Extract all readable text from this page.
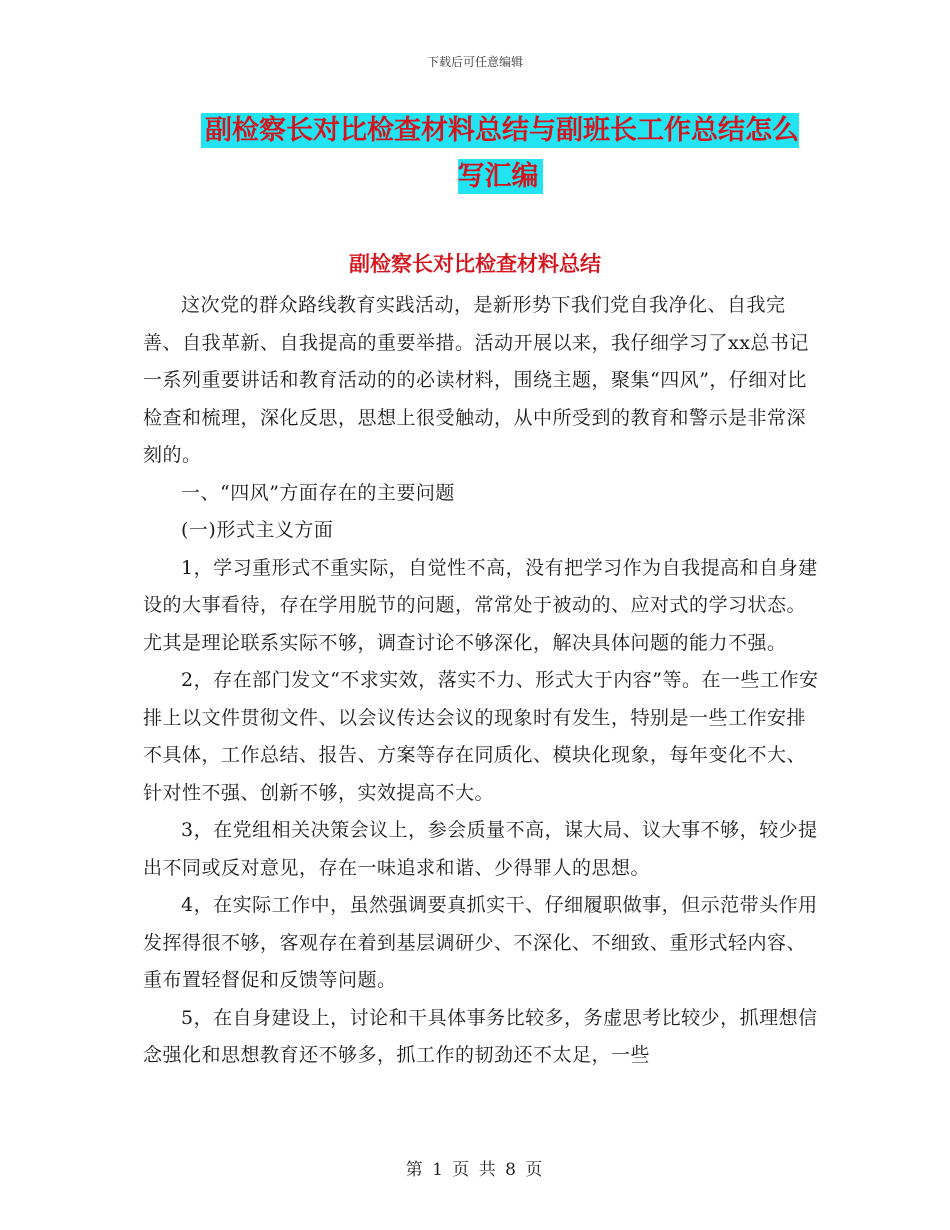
下载后可任意编辑
副检察长对比检查材料总结与副班长工作总结怎么写汇编
副检察长对比检查材料总结

这次党的群众路线教育实践活动，是新形势下我们党自我净化、自我完善、自我革新、自我提高的重要举措。活动开展以来，我仔细学习了xx总书记一系列重要讲话和教育活动的的必读材料，围绕主题，聚集“四风”，仔细对比检查和梳理，深化反思，思想上很受触动，从中所受到的教育和警示是非常深刻的。

一、“四风”方面存在的主要问题

(一)形式主义方面

1，学习重形式不重实际，自觉性不高，没有把学习作为自我提高和自身建设的大事看待，存在学用脱节的问题，常常处于被动的、应对式的学习状态。尤其是理论联系实际不够，调查讨论不够深化，解决具体问题的能力不强。

2，存在部门发文“不求实效，落实不力、形式大于内容”等。在一些工作安排上以文件贯彻文件、以会议传达会议的现象时有发生，特别是一些工作安排不具体，工作总结、报告、方案等存在同质化、模块化现象，每年变化不大、针对性不强、创新不够，实效提高不大。

3，在党组相关决策会议上，参会质量不高，谋大局、议大事不够，较少提出不同或反对意见，存在一味追求和谐、少得罪人的思想。

4，在实际工作中，虽然强调要真抓实干、仔细履职做事，但示范带头作用发挥得很不够，客观存在着到基层调研少、不深化、不细致、重形式轻内容、重布置轻督促和反馈等问题。

5，在自身建设上，讨论和干具体事务比较多，务虚思考比较少，抓理想信念强化和思想教育还不够多，抓工作的韧劲还不太足，一些

第 1 页 共 8 页
